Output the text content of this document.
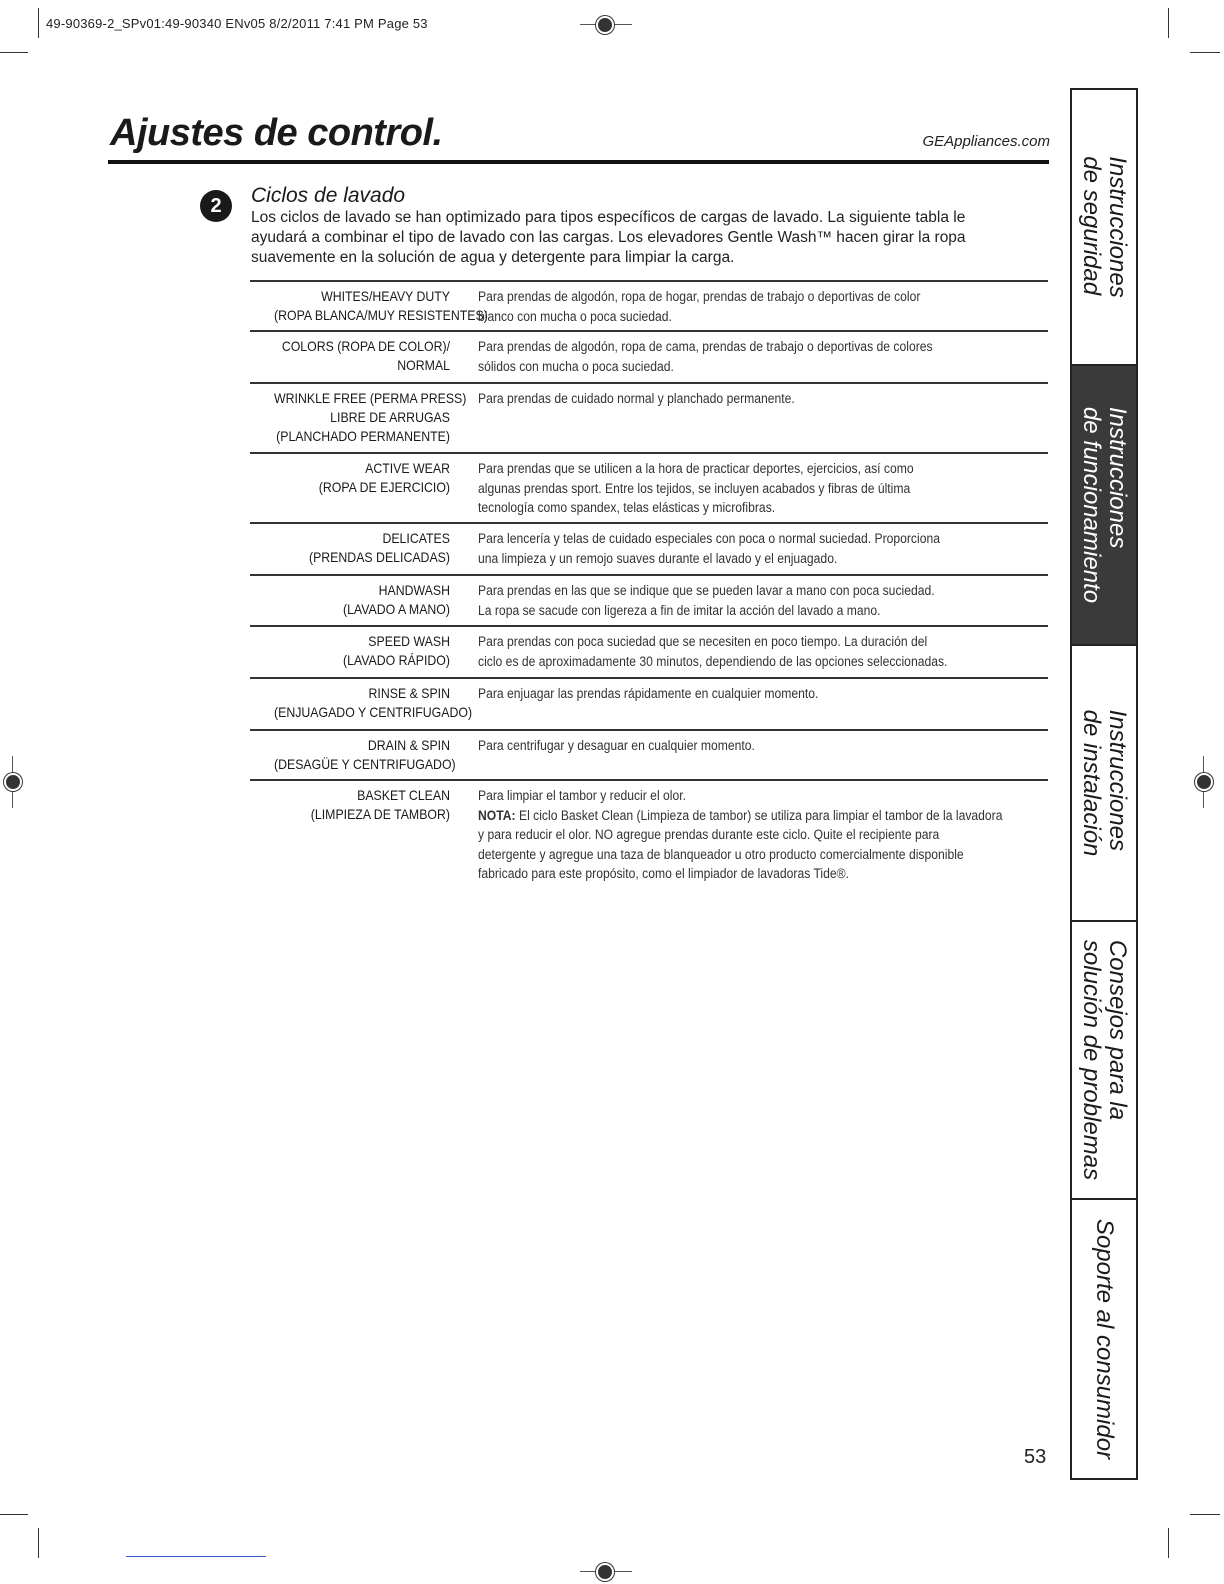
49-90369-2_SPv01:49-90340 ENv05 8/2/2011 7:41 PM Page 53
Ajustes de control.	GEAppliances.com
2	Ciclos de lavado
Los ciclos de lavado se han optimizado para tipos específicos de cargas de lavado. La siguiente tabla le
ayudará a combinar el tipo de lavado con las cargas. Los elevadores Gentle Wash™ hacen girar la ropa
suavemente en la solución de agua y detergente para limpiar la carga.
WHITES/HEAVY DUTY
(ROPA BLANCA/MUY RESISTENTES)
Para prendas de algodón, ropa de hogar, prendas de trabajo o deportivas de color
blanco con mucha o poca suciedad.
COLORS (ROPA DE COLOR)/
NORMAL
Para prendas de algodón, ropa de cama, prendas de trabajo o deportivas de colores
sólidos con mucha o poca suciedad.
WRINKLE FREE (PERMA PRESS)
LIBRE DE ARRUGAS
(PLANCHADO PERMANENTE)
Para prendas de cuidado normal y planchado permanente.
ACTIVE WEAR
(ROPA DE EJERCICIO)
Para prendas que se utilicen a la hora de practicar deportes, ejercicios, así como
algunas prendas sport. Entre los tejidos, se incluyen acabados y fibras de última
tecnología como spandex, telas elásticas y microfibras.
DELICATES
(PRENDAS DELICADAS)
Para lencería y telas de cuidado especiales con poca o normal suciedad. Proporciona
una limpieza y un remojo suaves durante el lavado y el enjuagado.
HANDWASH
(LAVADO A MANO)
Para prendas en las que se indique que se pueden lavar a mano con poca suciedad.
La ropa se sacude con ligereza a fin de imitar la acción del lavado a mano.
SPEED WASH
(LAVADO RÁPIDO)
Para prendas con poca suciedad que se necesiten en poco tiempo. La duración del
ciclo es de aproximadamente 30 minutos, dependiendo de las opciones seleccionadas.
RINSE & SPIN
(ENJUAGADO Y CENTRIFUGADO)
Para enjuagar las prendas rápidamente en cualquier momento.
DRAIN & SPIN
(DESAGÜE Y CENTRIFUGADO)
Para centrifugar y desaguar en cualquier momento.
BASKET CLEAN
(LIMPIEZA DE TAMBOR)
Para limpiar el tambor y reducir el olor.
NOTA: El ciclo Basket Clean (Limpieza de tambor) se utiliza para limpiar el tambor de la lavadora
y para reducir el olor. NO agregue prendas durante este ciclo. Quite el recipiente para
detergente y agregue una taza de blanqueador u otro producto comercialmente disponible
fabricado para este propósito, como el limpiador de lavadoras Tide®.
53
Instrucciones
de seguridad
Instrucciones
de funcionamiento
Instrucciones
de instalación
Consejos para la
solución de problemas
Soporte al consumidor
